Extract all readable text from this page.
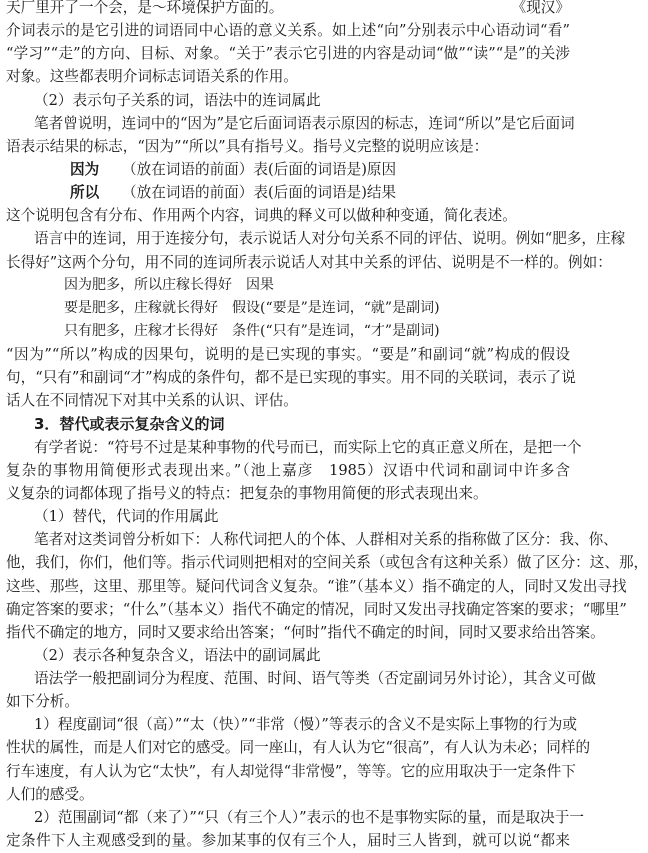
天厂里开了一个会，是～环境保护方面的。	《现汉》
介词表示的是它引进的词语同中心语的意义关系。如上述“向”分别表示中心语动词“看”
“学习”“走”的方向、目标、对象。“关于”表示它引进的内容是动词“做”“读”“是”的关涉
对象。这些都表明介词标志词语关系的作用。
（2）表示句子关系的词，语法中的连词属此
笔者曾说明，连词中的“因为”是它后面词语表示原因的标志，连词“所以”是它后面词
语表示结果的标志，“因为”“所以”具有指号义。指号义完整的说明应该是：
因为 （放在词语的前面）表(后面的词语是)原因
所以 （放在词语的前面）表(后面的词语是)结果
这个说明包含有分布、作用两个内容，词典的释义可以做种种变通，简化表述。
语言中的连词，用于连接分句，表示说话人对分句关系不同的评估、说明。例如“肥多，庄稼
长得好”这两个分句，用不同的连词所表示说话人对其中关系的评估、说明是不一样的。例如：
因为肥多，所以庄稼长得好　因果
要是肥多，庄稼就长得好　假设(“要是”是连词，“就”是副词)
只有肥多，庄稼才长得好　条件(“只有”是连词，“才”是副词)
“因为”“所以”构成的因果句，说明的是已实现的事实。“要是”和副词“就”构成的假设
句，“只有”和副词“才”构成的条件句，都不是已实现的事实。用不同的关联词，表示了说
话人在不同情况下对其中关系的认识、评估。
3．替代或表示复杂含义的词
有学者说：“符号不过是某种事物的代号而已，而实际上它的真正意义所在，是把一个
复杂的事物用简便形式表现出来。”（池上嘉彦　1985）汉语中代词和副词中许多含
义复杂的词都体现了指号义的特点：把复杂的事物用简便的形式表现出来。
（1）替代，代词的作用属此
笔者对这类词曾分析如下：人称代词把人的个体、人群相对关系的指称做了区分：我、你、
他，我们，你们，他们等。指示代词则把相对的空间关系（或包含有这种关系）做了区分：这、那，
这些、那些，这里、那里等。疑问代词含义复杂。“谁”（基本义）指不确定的人，同时又发出寻找
确定答案的要求；“什么”（基本义）指代不确定的情况，同时又发出寻找确定答案的要求；“哪里”
指代不确定的地方，同时又要求给出答案；“何时”指代不确定的时间，同时又要求给出答案。
（2）表示各种复杂含义，语法中的副词属此
语法学一般把副词分为程度、范围、时间、语气等类（否定副词另外讨论），其含义可做
如下分析。
1）程度副词“很（高）”“太（快）”“非常（慢）”等表示的含义不是实际上事物的行为或
性状的属性，而是人们对它的感受。同一座山，有人认为它“很高”，有人认为未必；同样的
行车速度，有人认为它“太快”，有人却觉得“非常慢”，等等。它的应用取决于一定条件下
人们的感受。
2）范围副词“都（来了）”“只（有三个人）”表示的也不是事物实际的量，而是取决于一
定条件下人主观感受到的量。参加某事的仅有三个人，届时三人皆到，就可以说“都来
